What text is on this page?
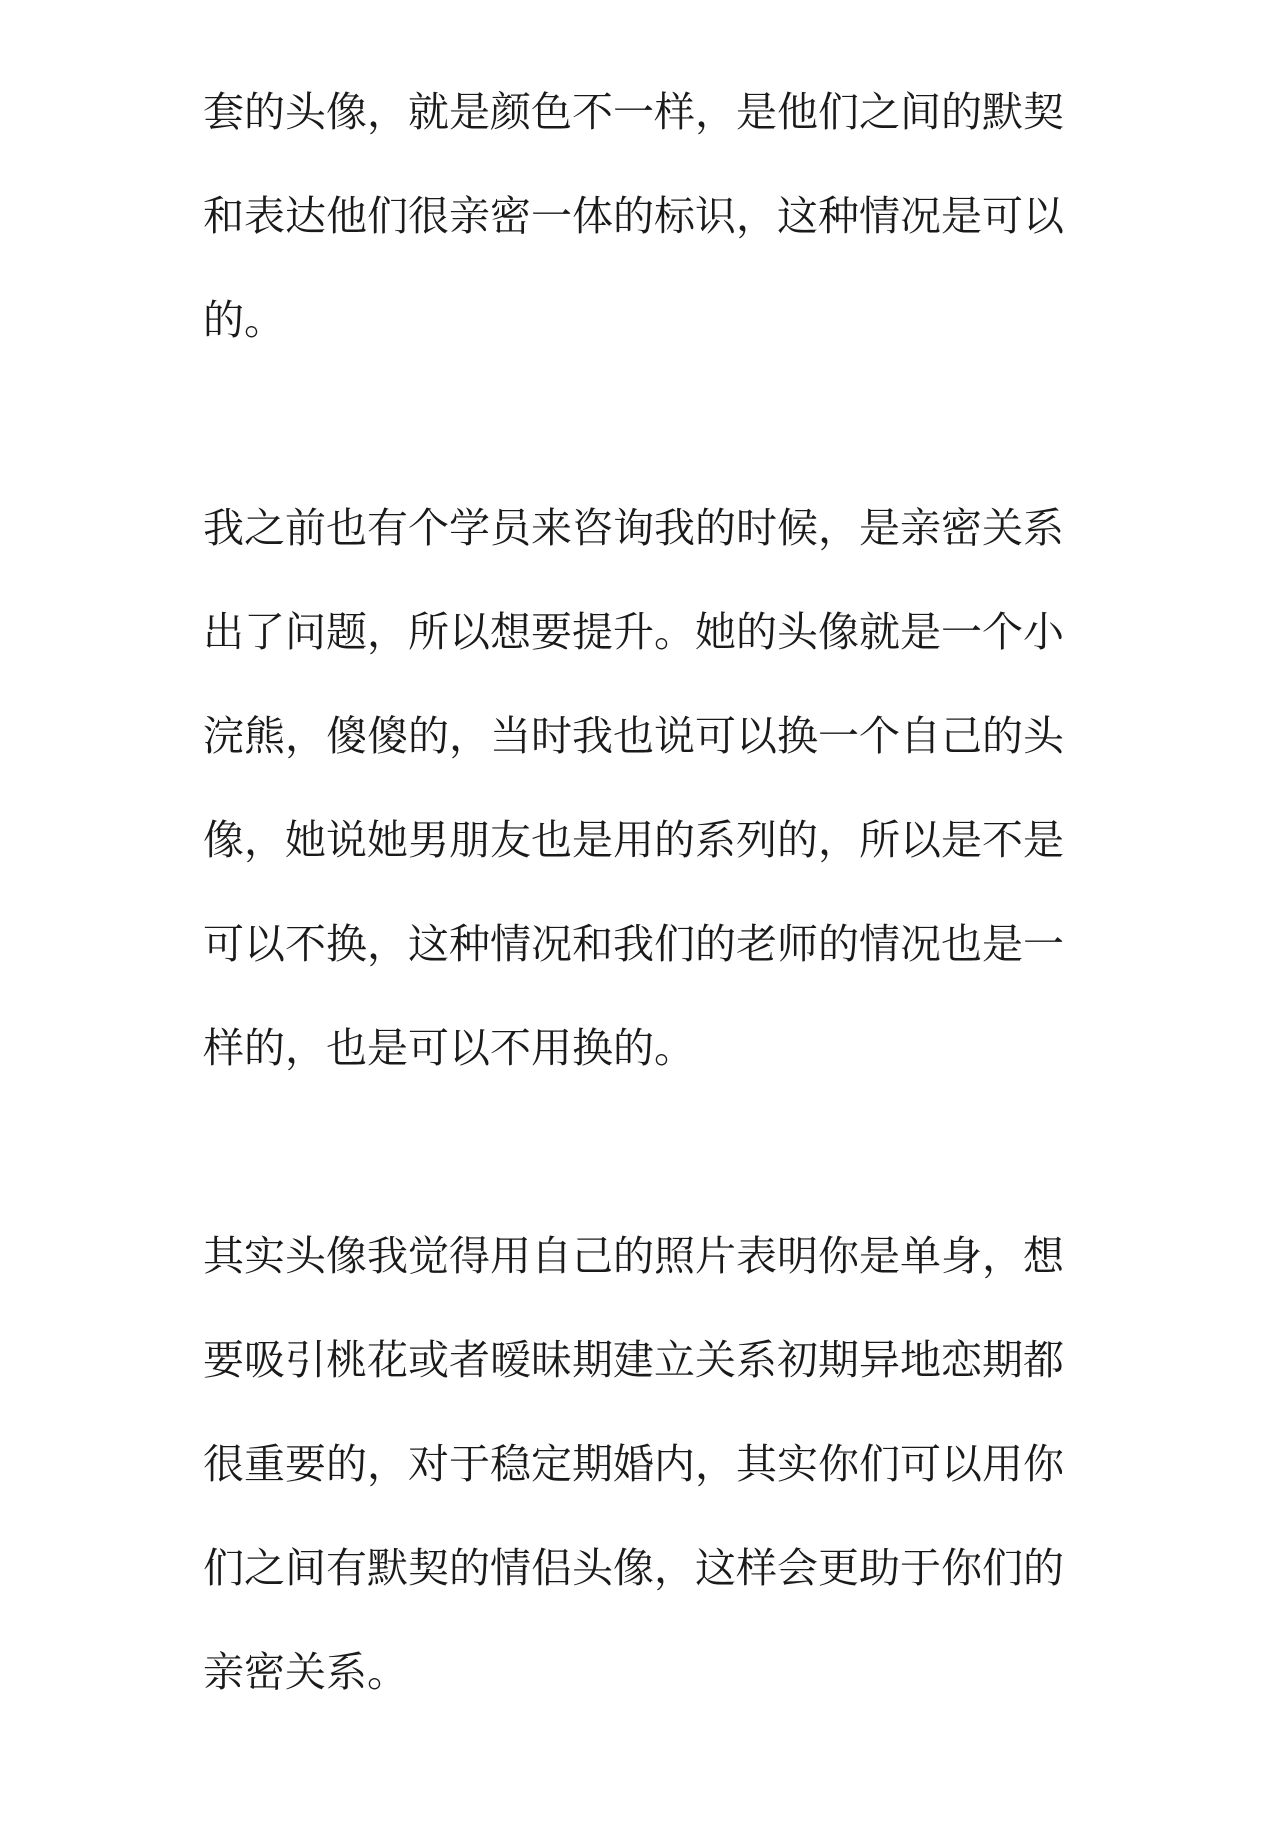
套的头像，就是颜色不一样，是他们之间的默契
和表达他们很亲密一体的标识，这种情况是可以
的。
我之前也有个学员来咨询我的时候，是亲密关系
出了问题，所以想要提升。她的头像就是一个小
浣熊，傻傻的，当时我也说可以换一个自己的头
像，她说她男朋友也是用的系列的，所以是不是
可以不换，这种情况和我们的老师的情况也是一
样的，也是可以不用换的。
其实头像我觉得用自己的照片表明你是单身，想
要吸引桃花或者暧昧期建立关系初期异地恋期都
很重要的，对于稳定期婚内，其实你们可以用你
们之间有默契的情侣头像，这样会更助于你们的
亲密关系。
